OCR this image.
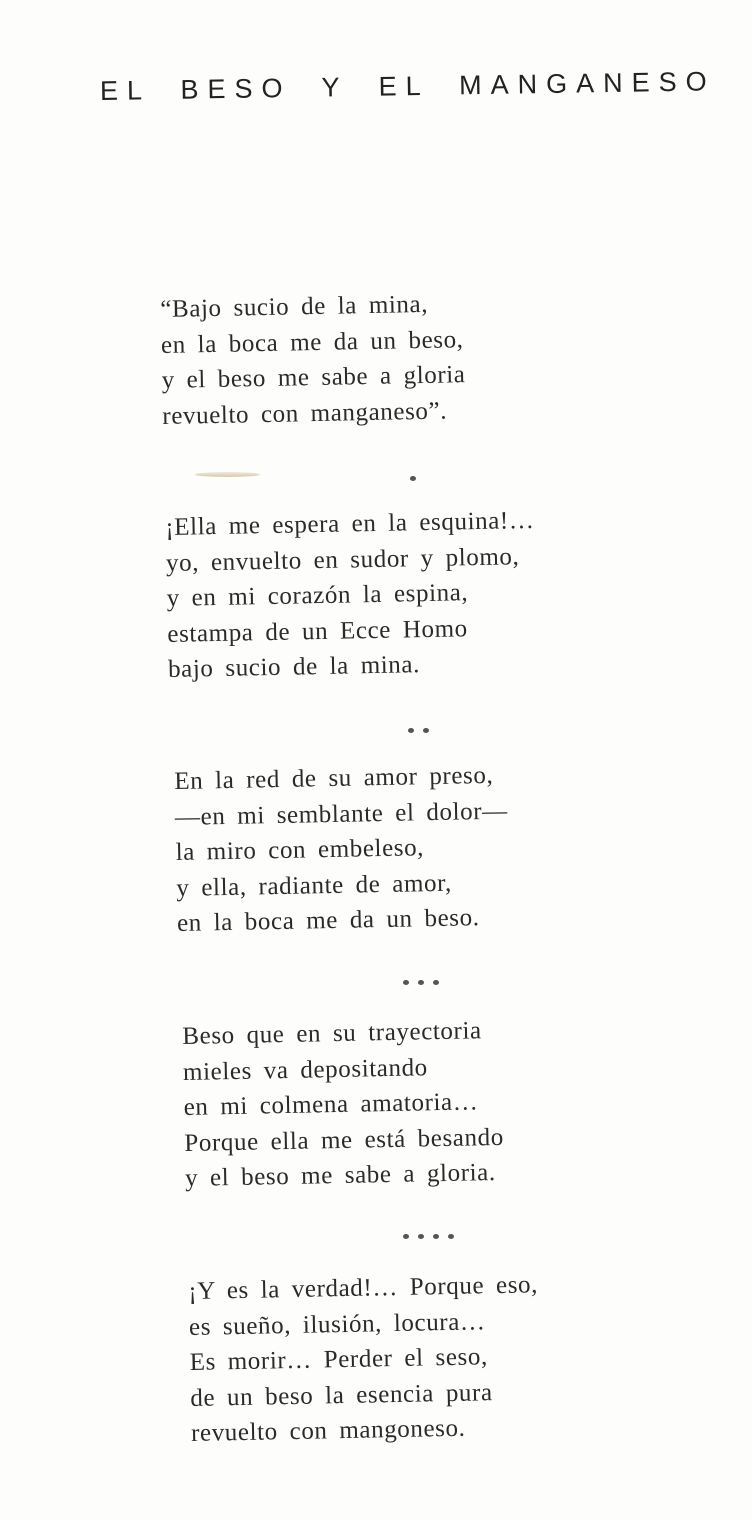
EL BESO Y EL MANGANESO
“Bajo sucio de la mina,
en la boca me da un beso,
y el beso me sabe a gloria
revuelto con manganeso”.
¡Ella me espera en la esquina!…
yo, envuelto en sudor y plomo,
y en mi corazón la espina,
estampa de un Ecce Homo
bajo sucio de la mina.
En la red de su amor preso,
—en mi semblante el dolor—
la miro con embeleso,
y ella, radiante de amor,
en la boca me da un beso.
Beso que en su trayectoria
mieles va depositando
en mi colmena amatoria…
Porque ella me está besando
y el beso me sabe a gloria.
¡Y es la verdad!… Porque eso,
es sueño, ilusión, locura…
Es morir… Perder el seso,
de un beso la esencia pura
revuelto con mangoneso.
